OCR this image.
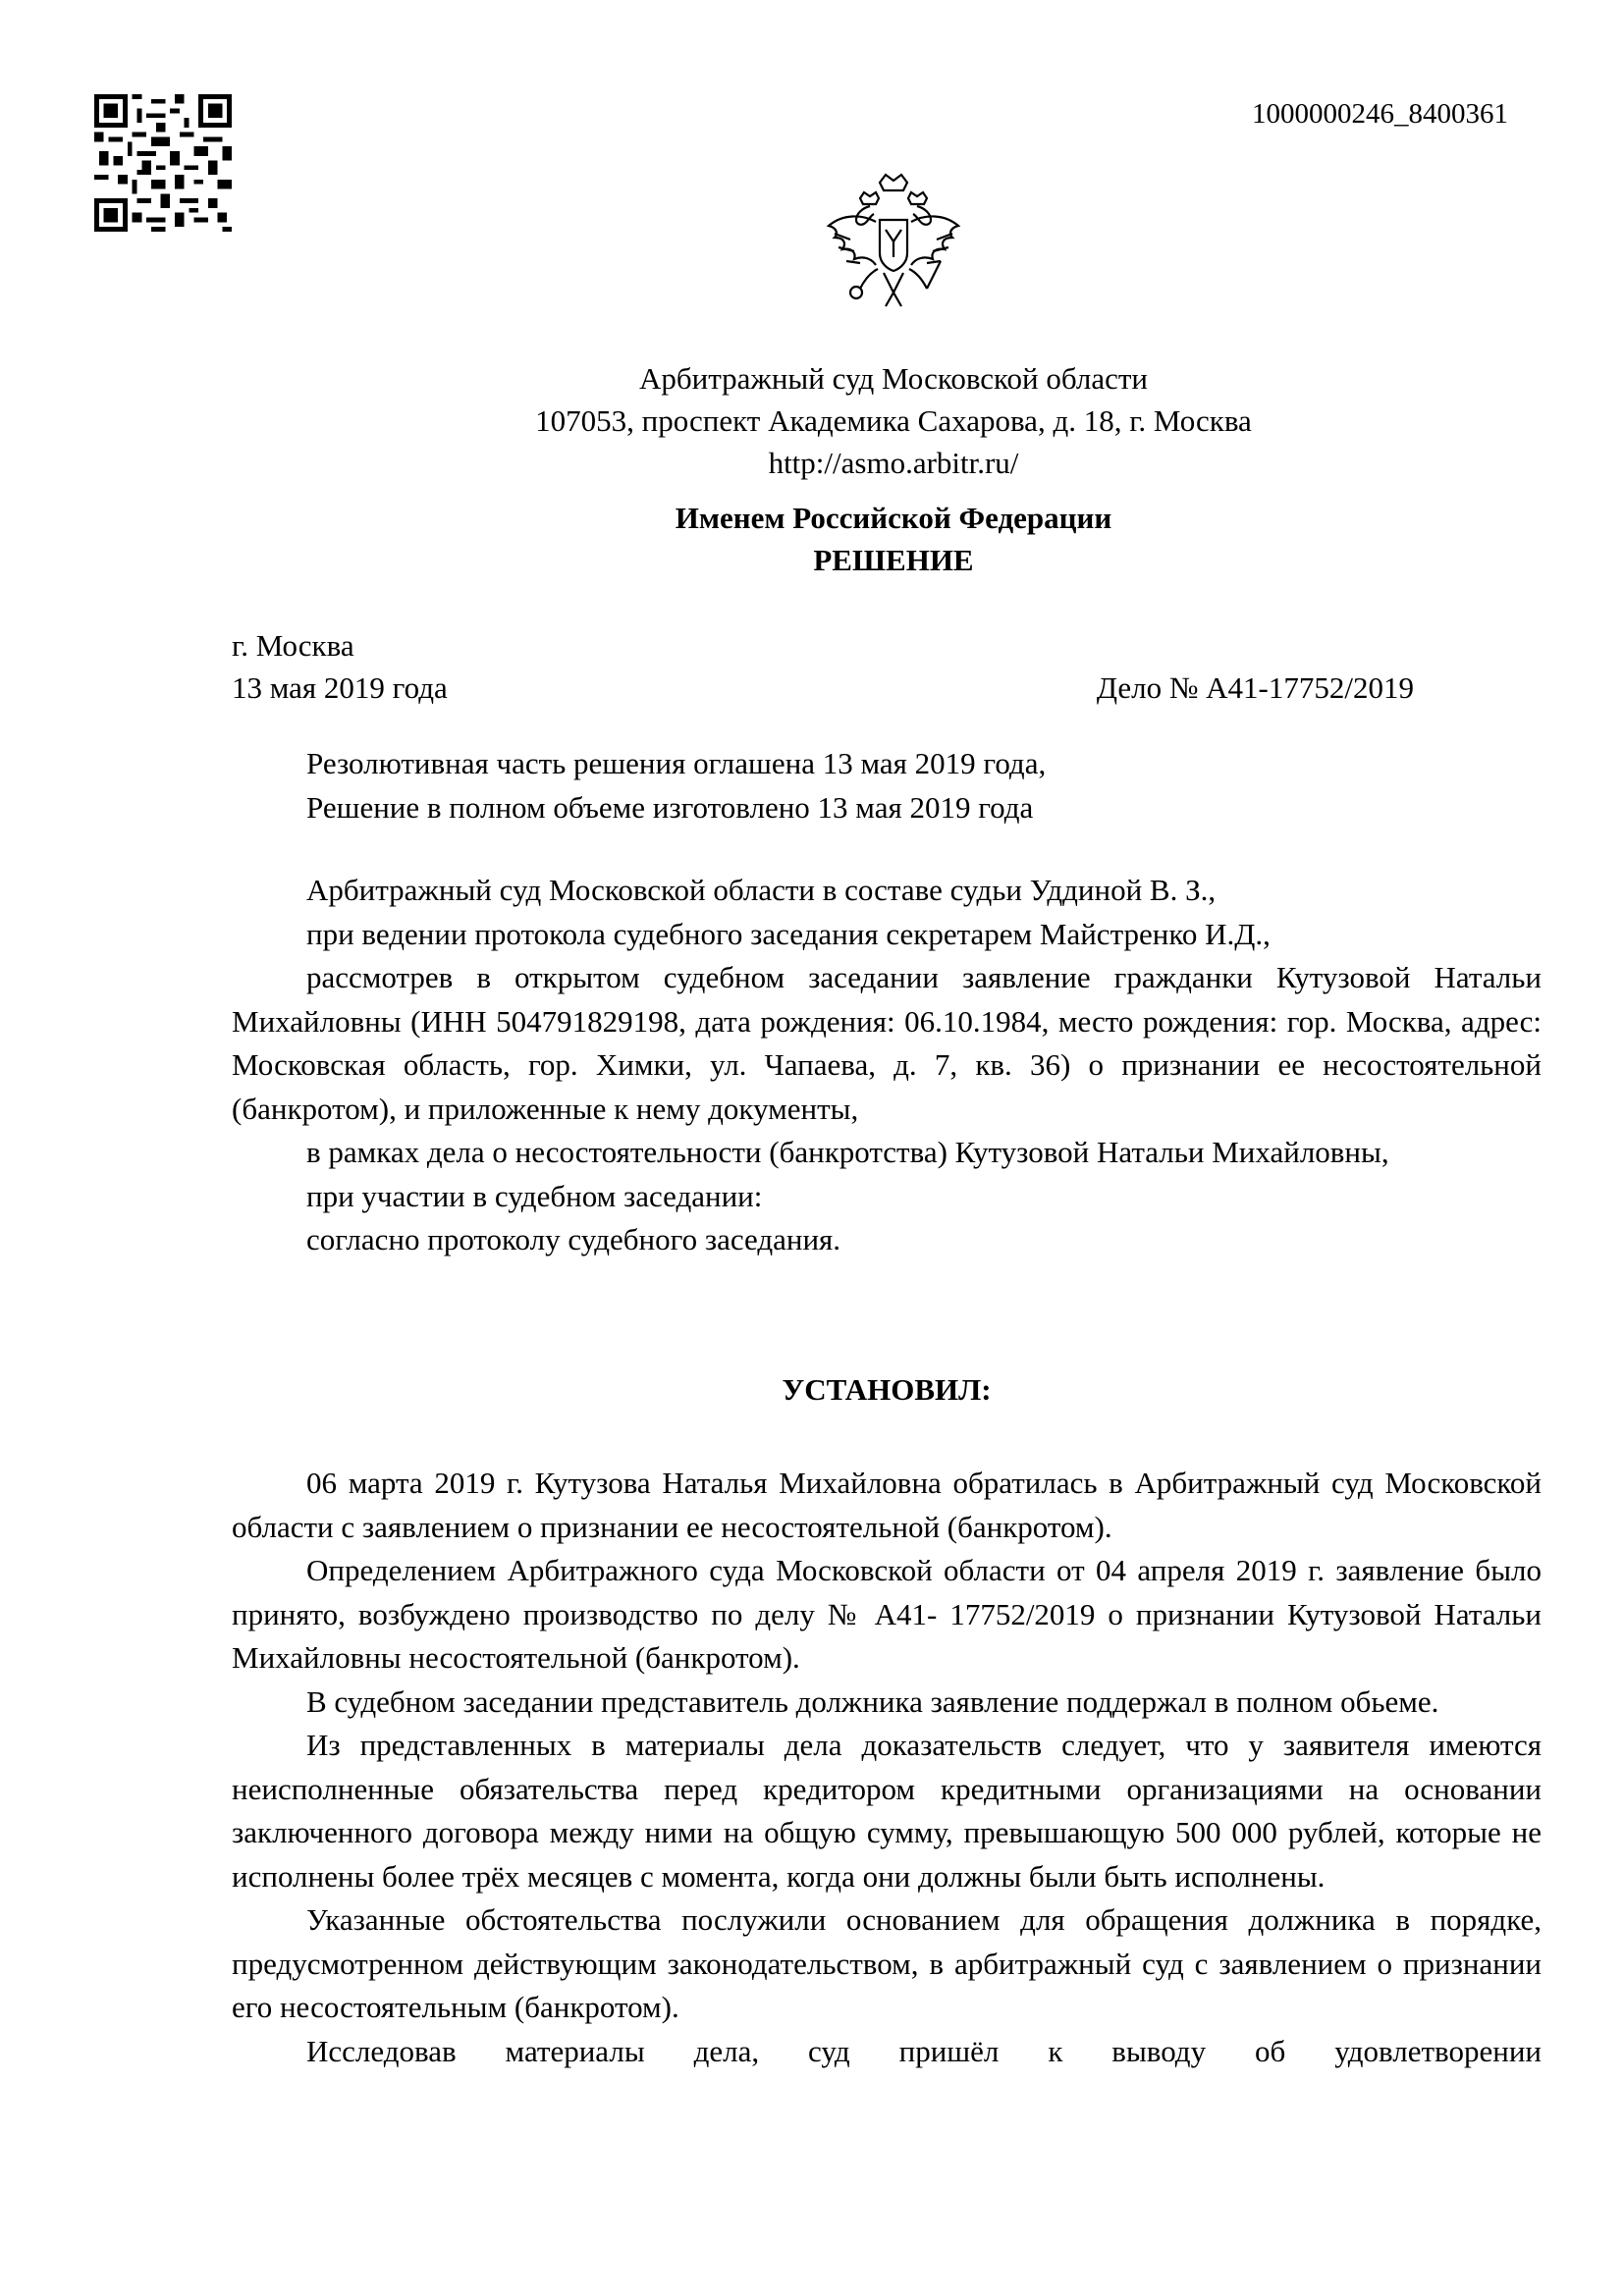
1000000246_8400361
Арбитражный суд Московской области
107053, проспект Академика Сахарова, д. 18, г. Москва
http://asmo.arbitr.ru/
Именем Российской Федерации
РЕШЕНИЕ
г. Москва
13 мая 2019 года	Дело № А41-17752/2019

Резолютивная часть решения оглашена 13 мая 2019 года,

Решение в полном объеме изготовлено 13 мая 2019 года

Арбитражный суд Московской области в составе судьи Уддиной В. З.,

при ведении протокола судебного заседания секретарем Майстренко И.Д.,

рассмотрев в открытом судебном заседании заявление гражданки Кутузовой Натальи Михайловны (ИНН 504791829198, дата рождения: 06.10.1984, место рождения: гор. Москва, адрес: Московская область, гор. Химки, ул. Чапаева, д. 7, кв. 36) о признании ее несостоятельной (банкротом), и приложенные к нему документы,

в рамках дела о несостоятельности (банкротства) Кутузовой Натальи Михайловны,

при участии в судебном заседании:

согласно протоколу судебного заседания.

УСТАНОВИЛ:

06 марта 2019 г. Кутузова Наталья Михайловна обратилась в Арбитражный суд Московской области с заявлением о признании ее несостоятельной (банкротом).

Определением Арбитражного суда Московской области от 04 апреля 2019 г. заявление было принято, возбуждено производство по делу № А41- 17752/2019 о признании Кутузовой Натальи Михайловны несостоятельной (банкротом).

В судебном заседании представитель должника заявление поддержал в полном обьеме.

Из представленных в материалы дела доказательств следует, что у заявителя имеются неисполненные обязательства перед кредитором кредитными организациями на основании заключенного договора между ними на общую сумму, превышающую 500 000 рублей, которые не исполнены более трёх месяцев с момента, когда они должны были быть исполнены.

Указанные обстоятельства послужили основанием для обращения должника в порядке, предусмотренном действующим законодательством, в арбитражный суд с заявлением о признании его несостоятельным (банкротом).

Исследовав материалы дела, суд пришёл к выводу об удовлетворении
